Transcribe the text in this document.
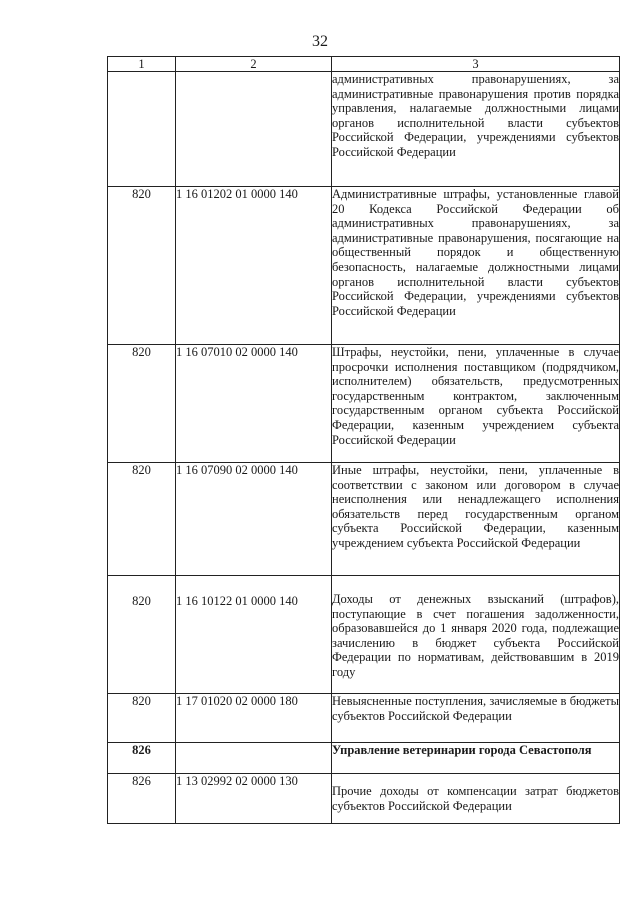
32
1	2	3
		административных правонарушениях, за административные правонарушения против порядка управления, налагаемые должностными лицами органов исполнительной власти субъектов Российской Федерации, учреждениями субъектов Российской Федерации
820	1 16 01202 01 0000 140	Административные штрафы, установленные главой 20 Кодекса Российской Федерации об административных правонарушениях, за административные правонарушения, посягающие на общественный порядок и общественную безопасность, налагаемые должностными лицами органов исполнительной власти субъектов Российской Федерации, учреждениями субъектов Российской Федерации
820	1 16 07010 02 0000 140	Штрафы, неустойки, пени, уплаченные в случае просрочки исполнения поставщиком (подрядчиком, исполнителем) обязательств, предусмотренных государственным контрактом, заключенным государственным органом субъекта Российской Федерации, казенным учреждением субъекта Российской Федерации
820	1 16 07090 02 0000 140	Иные штрафы, неустойки, пени, уплаченные в соответствии с законом или договором в случае неисполнения или ненадлежащего исполнения обязательств перед государственным органом субъекта Российской Федерации, казенным учреждением субъекта Российской Федерации
820	1 16 10122 01 0000 140	Доходы от денежных взысканий (штрафов), поступающие в счет погашения задолженности, образовавшейся до 1 января 2020 года, подлежащие зачислению в бюджет субъекта Российской Федерации по нормативам, действовавшим в 2019 году
820	1 17 01020 02 0000 180	Невыясненные поступления, зачисляемые в бюджеты субъектов Российской Федерации
826		Управление ветеринарии города Севастополя
826	1 13 02992 02 0000 130	Прочие доходы от компенсации затрат бюджетов субъектов Российской Федерации
